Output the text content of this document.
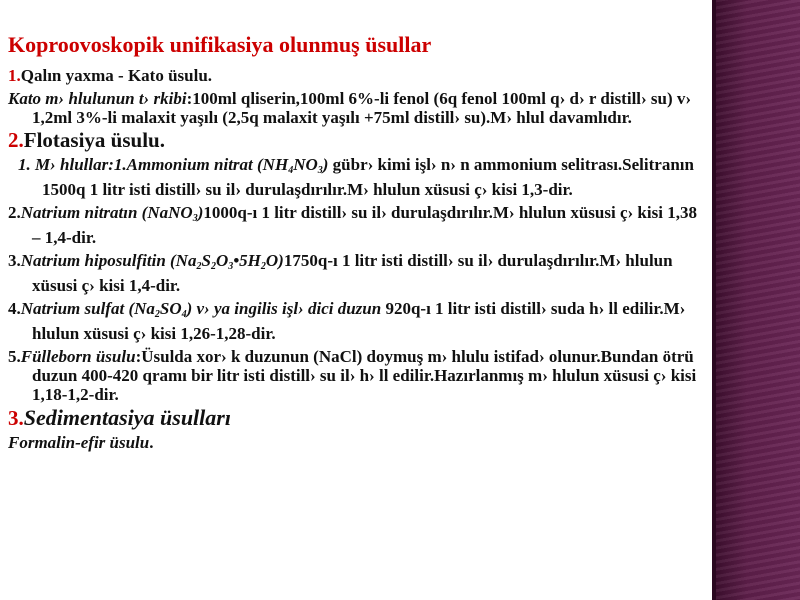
Koproovoskopik unifikasiya olunmuş üsullar
1.Qalın yaxma - Kato üsulu.
Kato m› hlulunun t› rkibi:100ml qliserin,100ml 6%-li fenol (6q fenol 100ml q› d› r distill› su) v› 1,2ml 3%-li malaxit yaşılı (2,5q malaxit yaşılı +75ml distill› su).M› hlul davamlıdır.
2.Flotasiya üsulu.
1. M› hlullar:1.Ammonium nitrat $(NH_4NO_3)$ gübr› kimi işl› n› n ammonium selitrası.Selitranın 1500q 1 litr isti distill› su il› durulaşdırılır.M› hlulun xüsusi ç› kisi 1,3-dir.
2.Natrium nitratın (NaNO$_3$)1000q-ı 1 litr distill› su il› durulaşdırılır.M› hlulun xüsusi ç› kisi 1,38 – 1,4-dir.
3.Natrium hiposulfitin $(Na_2S_2O_3•5H_2O)1750q-ı$ 1 litr isti distill› su il› durulaşdırılır.M› hlulun xüsusi ç› kisi 1,4-dir.
4.Natrium sulfat $(Na_2SO_4)$ v› ya ingilis işl› dici duzun 920q-ı 1 litr isti distill› suda h› ll edilir.M› hlulun xüsusi ç› kisi 1,26-1,28-dir.
5.Fülleborn üsulu:Üsulda xor› k duzunun (NaCl) doymuş m› hlulu istifad› olunur.Bundan ötrü duzun 400-420 qramı bir litr isti distill› su il› h› ll edilir.Hazırlanmış m› hlulun xüsusi ç› kisi 1,18-1,2-dir.
3.Sedimentasiya üsulları
Formalin-efir üsulu.
